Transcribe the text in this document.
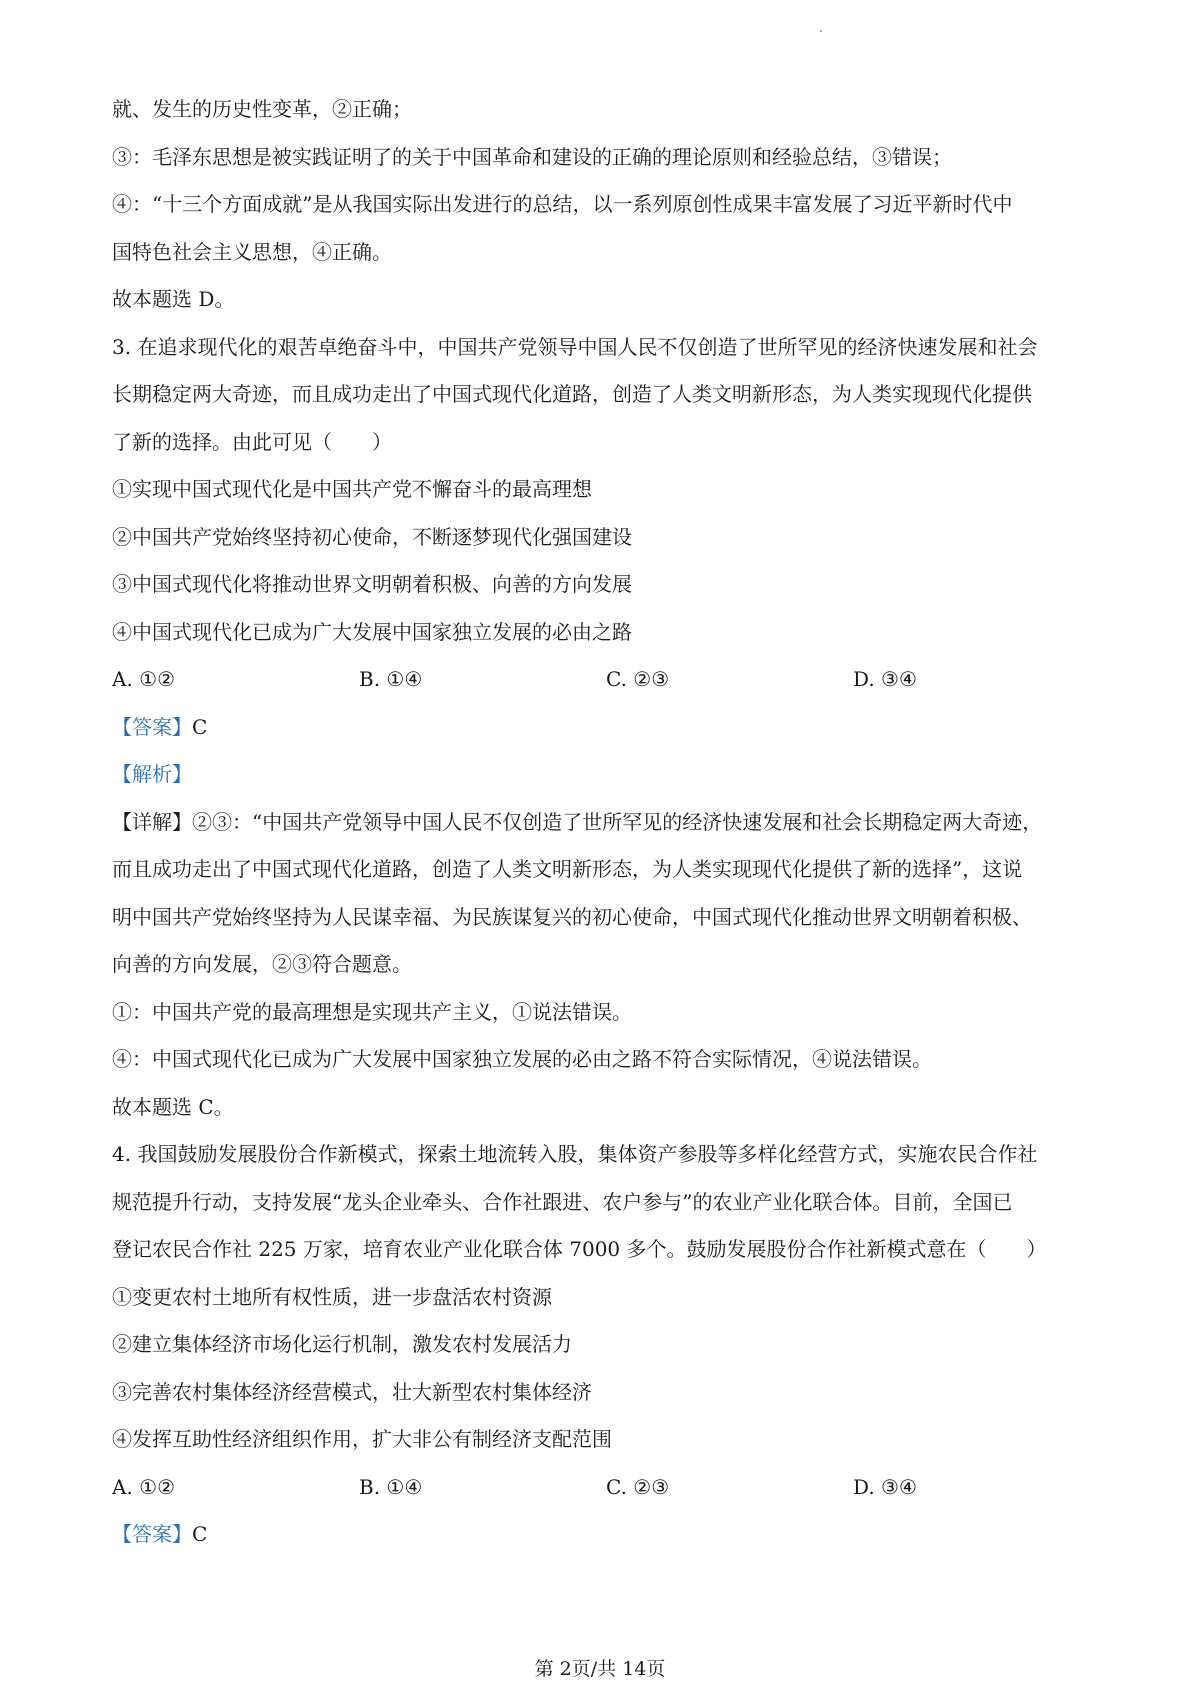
就、发生的历史性变革，②正确；
③：毛泽东思想是被实践证明了的关于中国革命和建设的正确的理论原则和经验总结，③错误；
④：“十三个方面成就”是从我国实际出发进行的总结，以一系列原创性成果丰富发展了习近平新时代中
国特色社会主义思想，④正确。
故本题选 D。
3. 在追求现代化的艰苦卓绝奋斗中，中国共产党领导中国人民不仅创造了世所罕见的经济快速发展和社会
长期稳定两大奇迹，而且成功走出了中国式现代化道路，创造了人类文明新形态，为人类实现现代化提供
了新的选择。由此可见（　　）
①实现中国式现代化是中国共产党不懈奋斗的最高理想
②中国共产党始终坚持初心使命，不断逐梦现代化强国建设
③中国式现代化将推动世界文明朝着积极、向善的方向发展
④中国式现代化已成为广大发展中国家独立发展的必由之路
A. ①②	B. ①④	C. ②③	D. ③④
【答案】C
【解析】
【详解】②③：“中国共产党领导中国人民不仅创造了世所罕见的经济快速发展和社会长期稳定两大奇迹，
而且成功走出了中国式现代化道路，创造了人类文明新形态，为人类实现现代化提供了新的选择”，这说
明中国共产党始终坚持为人民谋幸福、为民族谋复兴的初心使命，中国式现代化推动世界文明朝着积极、
向善的方向发展，②③符合题意。
①：中国共产党的最高理想是实现共产主义，①说法错误。
④：中国式现代化已成为广大发展中国家独立发展的必由之路不符合实际情况，④说法错误。
故本题选 C。
4. 我国鼓励发展股份合作新模式，探索土地流转入股，集体资产参股等多样化经营方式，实施农民合作社
规范提升行动，支持发展“龙头企业牵头、合作社跟进、农户参与”的农业产业化联合体。目前，全国已
登记农民合作社 225 万家，培育农业产业化联合体 7000 多个。鼓励发展股份合作社新模式意在（　　）
①变更农村土地所有权性质，进一步盘活农村资源
②建立集体经济市场化运行机制，激发农村发展活力
③完善农村集体经济经营模式，壮大新型农村集体经济
④发挥互助性经济组织作用，扩大非公有制经济支配范围
A. ①②	B. ①④	C. ②③	D. ③④
【答案】C
第 2页/共 14页
